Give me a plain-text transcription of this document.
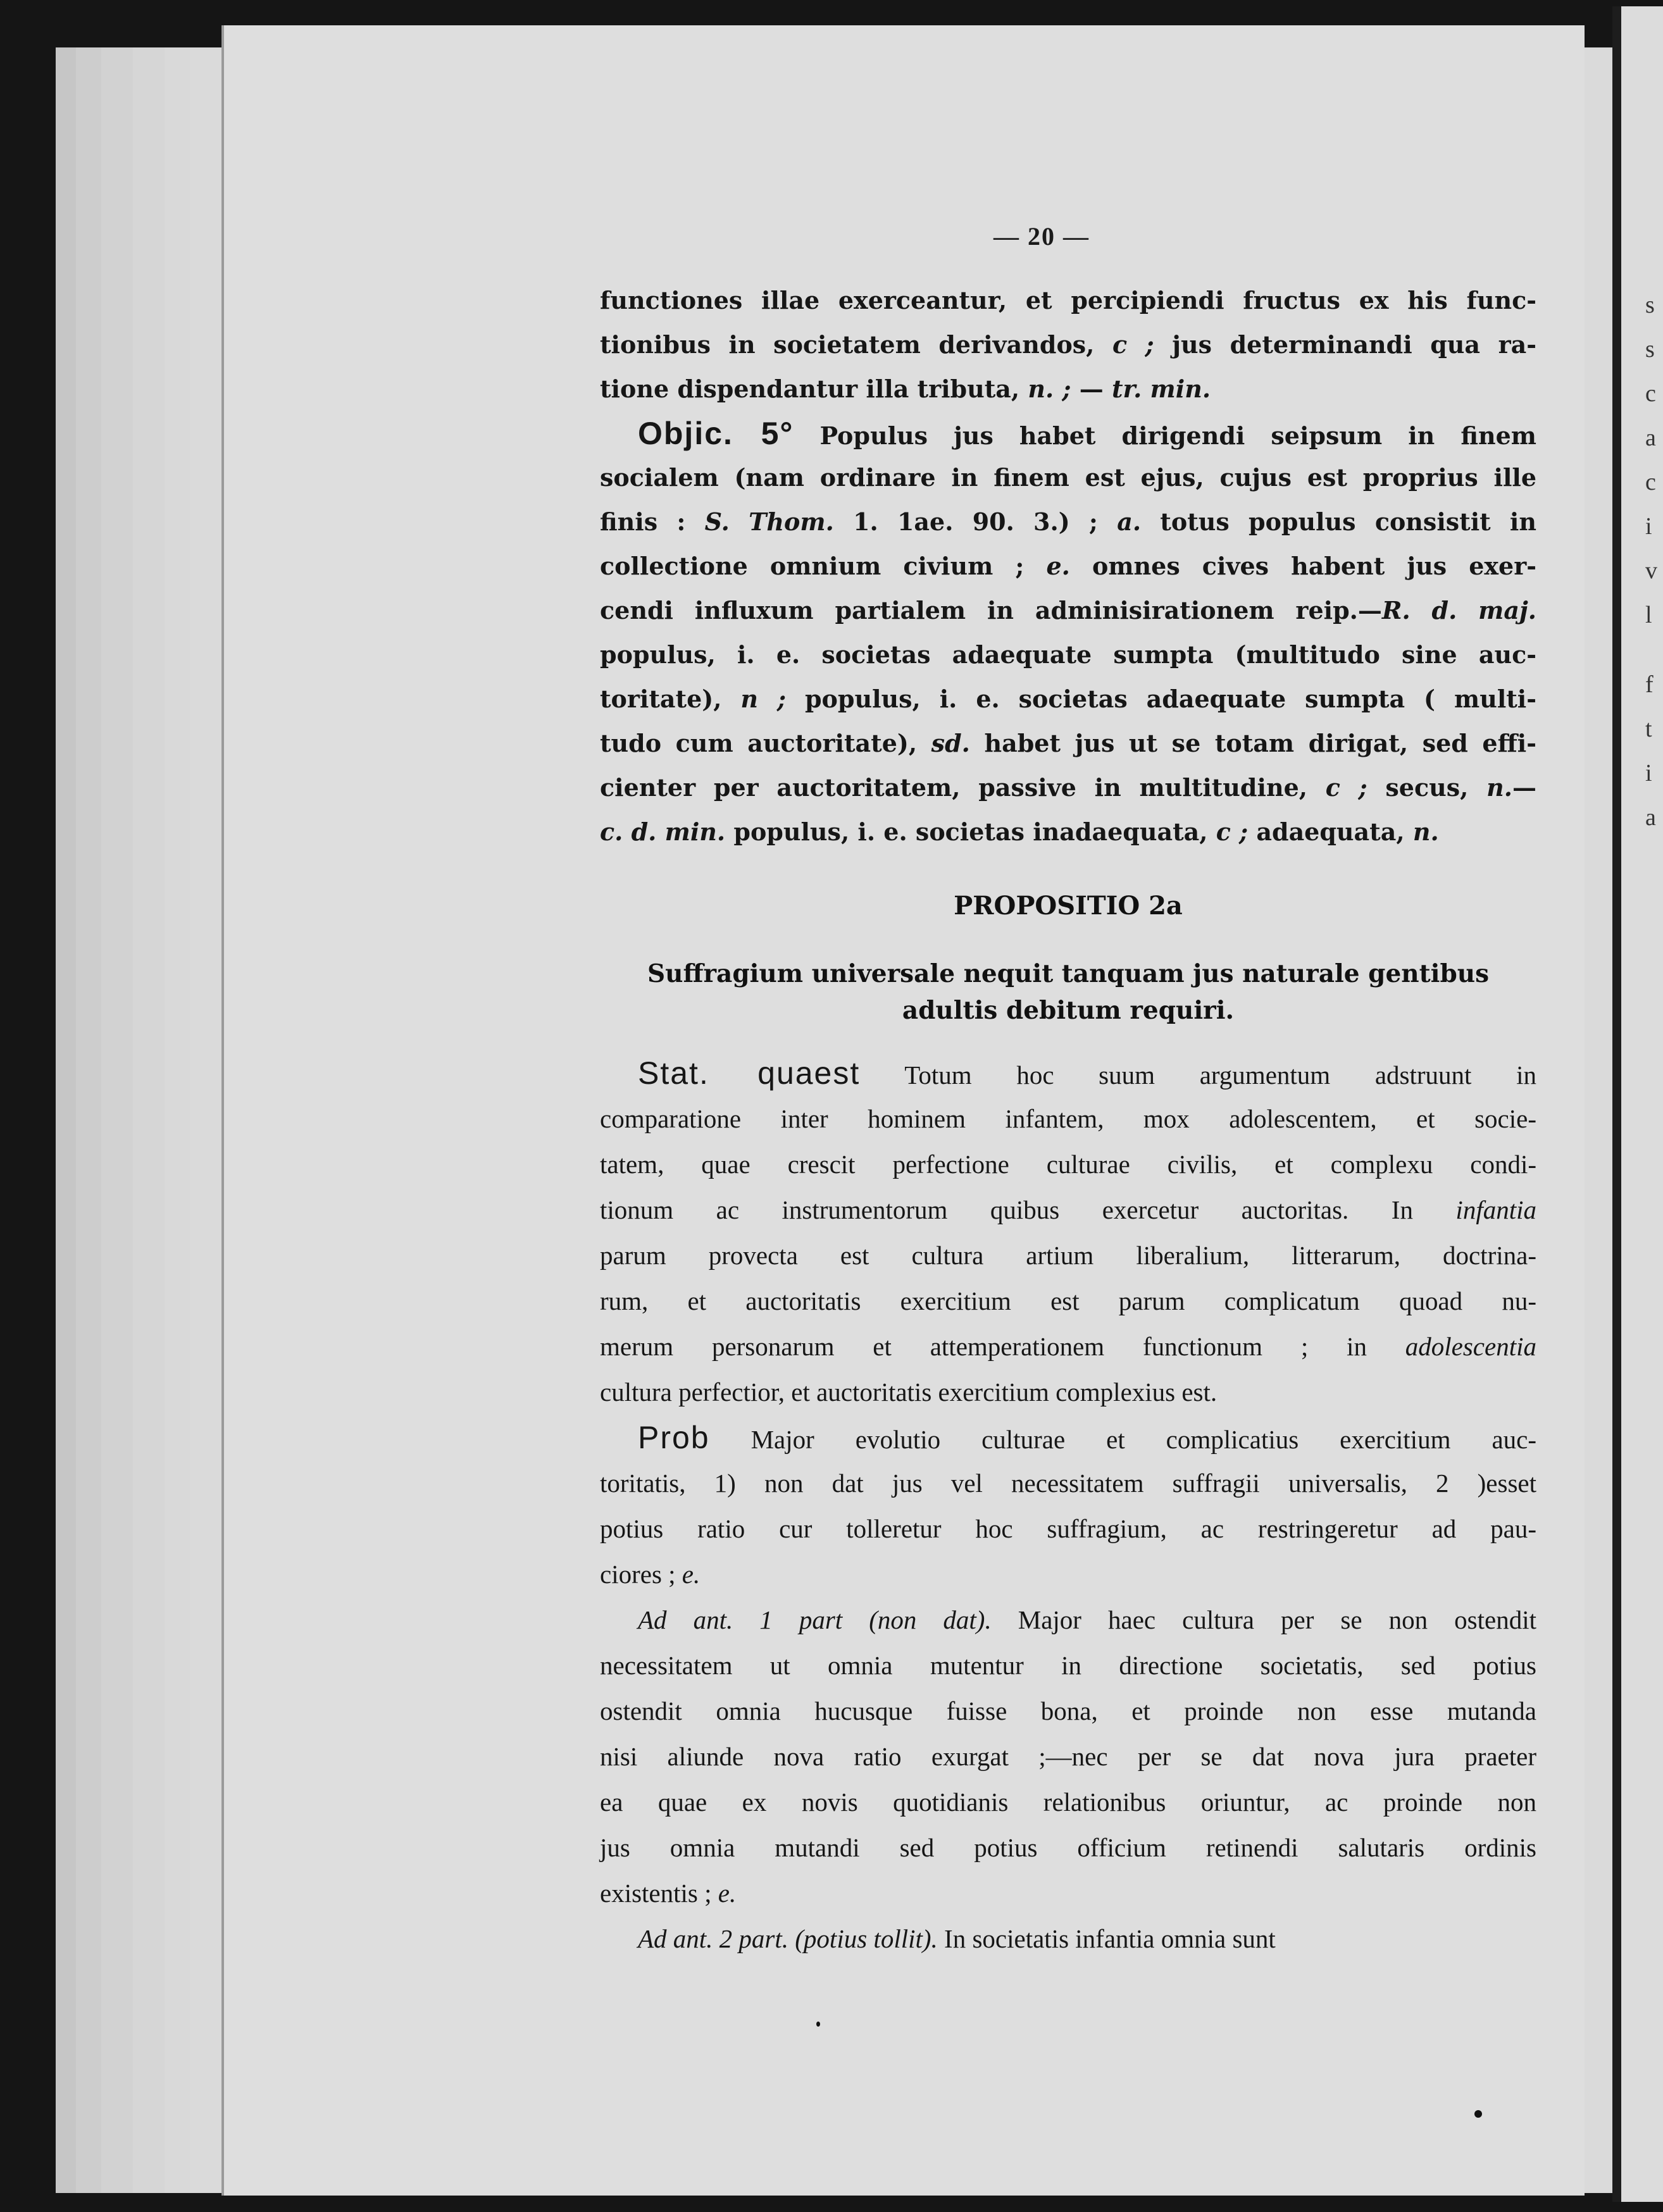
s
s
c
a
c
i
v
l
f
t
i
a
— 20 —
functiones illae exerceantur, et percipiendi fructus ex his func-
tionibus in societatem derivandos, c ; jus determinandi qua ra-
tione dispendantur illa tributa, n. ; — tr. min.
Objic. 5° Populus jus habet dirigendi seipsum in finem
socialem (nam ordinare in finem est ejus, cujus est proprius ille
finis : S. Thom. 1. 1ae. 90. 3.) ; a. totus populus consistit in
collectione omnium civium ; e. omnes cives habent jus exer-
cendi influxum partialem in adminisirationem reip.—R. d. maj.
populus, i. e. societas adaequate sumpta (multitudo sine auc-
toritate), n ; populus, i. e. societas adaequate sumpta ( multi-
tudo cum auctoritate), sd. habet jus ut se totam dirigat, sed effi-
cienter per auctoritatem, passive in multitudine, c ; secus, n.—
c. d. min. populus, i. e. societas inadaequata, c ; adaequata, n.
PROPOSITIO 2a
Suffragium universale nequit tanquam jus naturale gentibus
adultis debitum requiri.
Stat. quaest Totum hoc suum argumentum adstruunt in
comparatione inter hominem infantem, mox adolescentem, et socie-
tatem, quae crescit perfectione culturae civilis, et complexu condi-
tionum ac instrumentorum quibus exercetur auctoritas. In infantia
parum provecta est cultura artium liberalium, litterarum, doctrina-
rum, et auctoritatis exercitium est parum complicatum quoad nu-
merum personarum et attemperationem functionum ; in adolescentia
cultura perfectior, et auctoritatis exercitium complexius est.
Prob Major evolutio culturae et complicatius exercitium auc-
toritatis, 1) non dat jus vel necessitatem suffragii universalis, 2 )esset
potius ratio cur tolleretur hoc suffragium, ac restringeretur ad pau-
ciores ; e.
Ad ant. 1 part (non dat). Major haec cultura per se non ostendit
necessitatem ut omnia mutentur in directione societatis, sed potius
ostendit omnia hucusque fuisse bona, et proinde non esse mutanda
nisi aliunde nova ratio exurgat ;—nec per se dat nova jura praeter
ea quae ex novis quotidianis relationibus oriuntur, ac proinde non
jus omnia mutandi sed potius officium retinendi salutaris ordinis
existentis ; e.
Ad ant. 2 part. (potius tollit). In societatis infantia omnia sunt
